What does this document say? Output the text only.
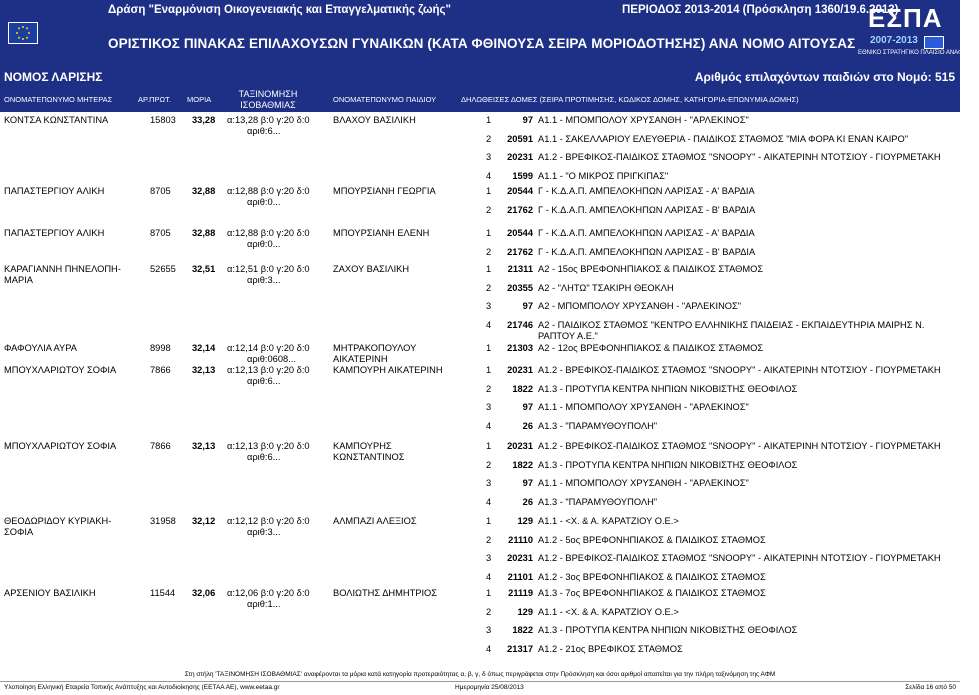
Δράση "Εναρμόνιση Οικογενειακής και Επαγγελματικής ζωής"	ΠΕΡΙΟΔΟΣ 2013-2014 (Πρόσκληση 1360/19.6.2013)
ΟΡΙΣΤΙΚΟΣ ΠΙΝΑΚΑΣ ΕΠΙΛΑΧΟΥΣΩΝ ΓΥΝΑΙΚΩΝ (ΚΑΤΑ ΦΘΙΝΟΥΣΑ ΣΕΙΡΑ ΜΟΡΙΟΔΟΤΗΣΗΣ) ΑΝΑ ΝΟΜΟ ΑΙΤΟΥΣΑΣ
ΕΣΠΑ
2007-2013
ΕΘΝΙΚΟ ΣΤΡΑΤΗΓΙΚΟ ΠΛΑΙΣΙΟ ΑΝΑΦΟΡΑΣ
ΝΟΜΟΣ ΛΑΡΙΣΗΣ	Αριθμός επιλαχόντων παιδιών στο Νομό: 515
ΟΝΟΜΑΤΕΠΩΝΥΜΟ ΜΗΤΕΡΑΣ	ΑΡ.ΠΡΩΤ. ΜΟΡΙΑ
ΤΑΞΙΝΟΜΗΣΗ
ΙΣΟΒΑΘΜΙΑΣ
ΟΝΟΜΑΤΕΠΩΝΥΜΟ ΠΑΙΔΙΟΥ	ΔΗΛΩΘΕΙΣΕΣ ΔΟΜΕΣ (ΣΕΙΡΑ ΠΡΟΤΙΜΗΣΗΣ, ΚΩΔΙΚΟΣ ΔΟΜΗΣ, ΚΑΤΗΓΟΡΙΑ-ΕΠΩΝΥΜΙΑ ΔΟΜΗΣ)
ΚΟΝΤΣΑ ΚΩΝΣΤΑΝΤΙΝΑ	15803 33,28 α:13,28 β:0 γ:20 δ:0
αριθ:6...
ΒΛΑΧΟΥ ΒΑΣΙΛΙΚΗ	1	97 Α1.1 - ΜΠΟΜΠΟΛΟΥ ΧΡΥΣΑΝΘΗ - "ΑΡΛΕΚΙΝΟΣ"
2	20591 Α1.1 - ΣΑΚΕΛΛΑΡΙΟΥ ΕΛΕΥΘΕΡΙΑ - ΠΑΙΔΙΚΟΣ ΣΤΑΘΜΟΣ "ΜΙΑ ΦΟΡΑ ΚΙ ΕΝΑΝ ΚΑΙΡΟ"
3	20231 Α1.2 - ΒΡΕΦΙΚΟΣ-ΠΑΙΔΙΚΟΣ ΣΤΑΘΜΟΣ "SNOOPY" - ΑΙΚΑΤΕΡΙΝΗ ΝΤΟΤΣΙΟΥ - ΓΙΟΥΡΜΕΤΑΚΗ
4	1599 Α1.1 - "Ο ΜΙΚΡΟΣ ΠΡΙΓΚΙΠΑΣ"
ΠΑΠΑΣΤΕΡΓΙΟΥ ΑΛΙΚΗ	8705 32,88 α:12,88 β:0 γ:20 δ:0
αριθ:0...
ΜΠΟΥΡΣΙΑΝΗ ΓΕΩΡΓΙΑ	1	20544 Γ - Κ.Δ.Α.Π. ΑΜΠΕΛΟΚΗΠΩΝ ΛΑΡΙΣΑΣ - Α' ΒΑΡΔΙΑ
2	21762 Γ - Κ.Δ.Α.Π. ΑΜΠΕΛΟΚΗΠΩΝ ΛΑΡΙΣΑΣ - Β' ΒΑΡΔΙΑ
ΠΑΠΑΣΤΕΡΓΙΟΥ ΑΛΙΚΗ	8705 32,88 α:12,88 β:0 γ:20 δ:0
αριθ:0...
ΜΠΟΥΡΣΙΑΝΗ ΕΛΕΝΗ	1	20544 Γ - Κ.Δ.Α.Π. ΑΜΠΕΛΟΚΗΠΩΝ ΛΑΡΙΣΑΣ - Α' ΒΑΡΔΙΑ
2	21762 Γ - Κ.Δ.Α.Π. ΑΜΠΕΛΟΚΗΠΩΝ ΛΑΡΙΣΑΣ - Β' ΒΑΡΔΙΑ
ΚΑΡΑΓΙΑΝΝΗ ΠΗΝΕΛΟΠΗ-
ΜΑΡΙΑ
52655 32,51 α:12,51 β:0 γ:20 δ:0
αριθ:3...
ΖΑΧΟΥ ΒΑΣΙΛΙΚΗ	1	21311 Α2 - 15ος ΒΡΕΦΟΝΗΠΙΑΚΟΣ & ΠΑΙΔΙΚΟΣ ΣΤΑΘΜΟΣ
2	20355 Α2 - "ΛΗΤΩ" ΤΣΑΚΙΡΗ ΘΕΟΚΛΗ
3	97 Α2 - ΜΠΟΜΠΟΛΟΥ ΧΡΥΣΑΝΘΗ - "ΑΡΛΕΚΙΝΟΣ"
4	21746 Α2 - ΠΑΙΔΙΚΟΣ ΣΤΑΘΜΟΣ "ΚΕΝΤΡΟ ΕΛΛΗΝΙΚΗΣ ΠΑΙΔΕΙΑΣ - ΕΚΠΑΙΔΕΥΤΗΡΙΑ ΜΑΙΡΗΣ Ν. ΡΑΠΤΟΥ Α.Ε."
ΦΑΦΟΥΛΙΑ ΑΥΡΑ	8998 32,14 α:12,14 β:0 γ:20 δ:0
αριθ:0608...
ΜΗΤΡΑΚΟΠΟΥΛΟΥ
ΑΙΚΑΤΕΡΙΝΗ
1	21303 Α2 - 12ος ΒΡΕΦΟΝΗΠΙΑΚΟΣ & ΠΑΙΔΙΚΟΣ ΣΤΑΘΜΟΣ
ΜΠΟΥΧΛΑΡΙΩΤΟΥ ΣΟΦΙΑ	7866 32,13 α:12,13 β:0 γ:20 δ:0
αριθ:6...
ΚΑΜΠΟΥΡΗ ΑΙΚΑΤΕΡΙΝΗ	1	20231 Α1.2 - ΒΡΕΦΙΚΟΣ-ΠΑΙΔΙΚΟΣ ΣΤΑΘΜΟΣ "SNOOPY" - ΑΙΚΑΤΕΡΙΝΗ ΝΤΟΤΣΙΟΥ - ΓΙΟΥΡΜΕΤΑΚΗ
2	1822 Α1.3 - ΠΡΟΤΥΠΑ ΚΕΝΤΡΑ ΝΗΠΙΩΝ ΝΙΚΟΒΙΣΤΗΣ ΘΕΟΦΙΛΟΣ
3	97 Α1.1 - ΜΠΟΜΠΟΛΟΥ ΧΡΥΣΑΝΘΗ - "ΑΡΛΕΚΙΝΟΣ"
4	26 Α1.3 - "ΠΑΡΑΜΥΘΟΥΠΟΛΗ"
ΜΠΟΥΧΛΑΡΙΩΤΟΥ ΣΟΦΙΑ	7866 32,13 α:12,13 β:0 γ:20 δ:0
αριθ:6...
ΚΑΜΠΟΥΡΗΣ
ΚΩΝΣΤΑΝΤΙΝΟΣ
1	20231 Α1.2 - ΒΡΕΦΙΚΟΣ-ΠΑΙΔΙΚΟΣ ΣΤΑΘΜΟΣ "SNOOPY" - ΑΙΚΑΤΕΡΙΝΗ ΝΤΟΤΣΙΟΥ - ΓΙΟΥΡΜΕΤΑΚΗ
2	1822 Α1.3 - ΠΡΟΤΥΠΑ ΚΕΝΤΡΑ ΝΗΠΙΩΝ ΝΙΚΟΒΙΣΤΗΣ ΘΕΟΦΙΛΟΣ
3	97 Α1.1 - ΜΠΟΜΠΟΛΟΥ ΧΡΥΣΑΝΘΗ - "ΑΡΛΕΚΙΝΟΣ"
4	26 Α1.3 - "ΠΑΡΑΜΥΘΟΥΠΟΛΗ"
ΘΕΟΔΩΡΙΔΟΥ ΚΥΡΙΑΚΗ-
ΣΟΦΙΑ
31958 32,12 α:12,12 β:0 γ:20 δ:0
αριθ:3...
ΑΛΜΠΑΖΙ ΑΛΕΞΙΟΣ	1	129 Α1.1 - <Χ. & Α. ΚΑΡΑΤΖΙΟΥ Ο.Ε.>
2	21110 Α1.2 - 5ος ΒΡΕΦΟΝΗΠΙΑΚΟΣ & ΠΑΙΔΙΚΟΣ ΣΤΑΘΜΟΣ
3	20231 Α1.2 - ΒΡΕΦΙΚΟΣ-ΠΑΙΔΙΚΟΣ ΣΤΑΘΜΟΣ "SNOOPY" - ΑΙΚΑΤΕΡΙΝΗ ΝΤΟΤΣΙΟΥ - ΓΙΟΥΡΜΕΤΑΚΗ
4	21101 Α1.2 - 3ος ΒΡΕΦΟΝΗΠΙΑΚΟΣ & ΠΑΙΔΙΚΟΣ ΣΤΑΘΜΟΣ
ΑΡΣΕΝΙΟΥ ΒΑΣΙΛΙΚΗ	11544 32,06 α:12,06 β:0 γ:20 δ:0
αριθ:1...
ΒΟΛΙΩΤΗΣ ΔΗΜΗΤΡΙΟΣ	1	21119 Α1.3 - 7ος ΒΡΕΦΟΝΗΠΙΑΚΟΣ & ΠΑΙΔΙΚΟΣ ΣΤΑΘΜΟΣ
2	129 Α1.1 - <Χ. & Α. ΚΑΡΑΤΖΙΟΥ Ο.Ε.>
3	1822 Α1.3 - ΠΡΟΤΥΠΑ ΚΕΝΤΡΑ ΝΗΠΙΩΝ ΝΙΚΟΒΙΣΤΗΣ ΘΕΟΦΙΛΟΣ
4	21317 Α1.2 - 21ος ΒΡΕΦΙΚΟΣ ΣΤΑΘΜΟΣ
Στη στήλη 'ΤΑΞΙΝΟΜΗΣΗ ΙΣΟΒΑΘΜΙΑΣ' αναφέρονται τα μόρια κατά κατηγορία προτεραιότητας α, β, γ, δ όπως περιγράφεται στην Πρόσκληση και όσοι αριθμοί απαιτείται για την πλήρη ταξινόμηση της ΑΦΜ
Υλοποίηση Ελληνική Εταιρεία Τοπικής Ανάπτυξης και Αυτοδιοίκησης (ΕΕΤΑΑ ΑΕ), www.eetaa.gr	Ημερομηνία 25/08/2013	Σελίδα 16 από 50
